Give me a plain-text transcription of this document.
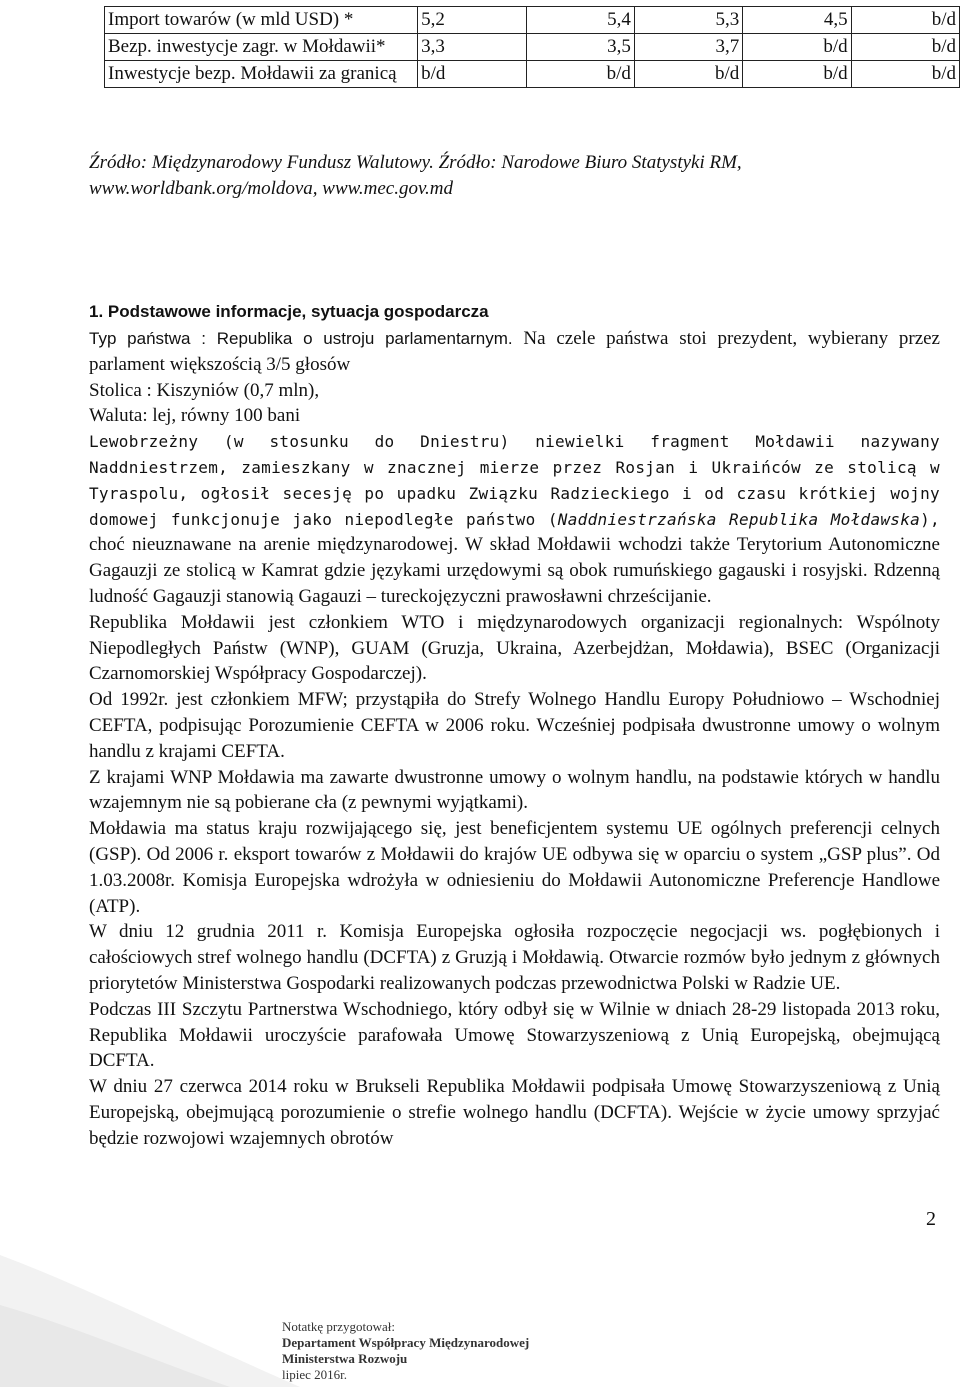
Import towarów (w mld USD) *	5,2	5,4	5,3	4,5	b/d
Bezp. inwestycje zagr. w Mołdawii*	3,3	3,5	3,7	b/d	b/d
Inwestycje bezp. Mołdawii za granicą	b/d	b/d	b/d	b/d	b/d
Źródło: Międzynarodowy Fundusz Walutowy. Źródło: Narodowe Biuro Statystyki RM, www.worldbank.org/moldova, www.mec.gov.md
1. Podstawowe informacje, sytuacja gospodarcza

Typ państwa : Republika o ustroju parlamentarnym. Na czele państwa stoi prezydent, wybierany przez parlament większością 3/5 głosów

Stolica : Kiszyniów (0,7 mln),

Waluta: lej, równy 100 bani

Lewobrzeżny (w stosunku do Dniestru) niewielki fragment Mołdawii nazywany Naddniestrzem, zamieszkany w znacznej mierze przez Rosjan i Ukraińców ze stolicą w Tyraspolu, ogłosił secesję po upadku Związku Radzieckiego i od czasu krótkiej wojny domowej funkcjonuje jako niepodległe państwo (Naddniestrzańska Republika Mołdawska), choć nieuznawane na arenie międzynarodowej. W skład Mołdawii wchodzi także Terytorium Autonomiczne Gagauzji ze stolicą w Kamrat gdzie językami urzędowymi są obok rumuńskiego gagauski i rosyjski. Rdzenną ludność Gagauzji stanowią Gagauzi – tureckojęzyczni prawosławni chrześcijanie.

Republika Mołdawii jest członkiem WTO i międzynarodowych organizacji regionalnych: Wspólnoty Niepodległych Państw (WNP), GUAM (Gruzja, Ukraina, Azerbejdżan, Mołdawia), BSEC (Organizacji Czarnomorskiej Współpracy Gospodarczej).

Od 1992r. jest członkiem MFW; przystąpiła do Strefy Wolnego Handlu Europy Południowo – Wschodniej CEFTA, podpisując Porozumienie CEFTA w 2006 roku. Wcześniej podpisała dwustronne umowy o wolnym handlu z krajami CEFTA.

Z krajami WNP Mołdawia ma zawarte dwustronne umowy o wolnym handlu, na podstawie których w handlu wzajemnym nie są pobierane cła (z pewnymi wyjątkami).

Mołdawia ma status kraju rozwijającego się, jest beneficjentem systemu UE ogólnych preferencji celnych (GSP). Od 2006 r. eksport towarów z Mołdawii do krajów UE odbywa się w oparciu o system „GSP plus”. Od 1.03.2008r. Komisja Europejska wdrożyła w odniesieniu do Mołdawii Autonomiczne Preferencje Handlowe (ATP).

W dniu 12 grudnia 2011 r. Komisja Europejska ogłosiła rozpoczęcie negocjacji ws. pogłębionych i całościowych stref wolnego handlu (DCFTA) z Gruzją i Mołdawią. Otwarcie rozmów było jednym z głównych priorytetów Ministerstwa Gospodarki realizowanych podczas przewodnictwa Polski w Radzie UE.

Podczas III Szczytu Partnerstwa Wschodniego, który odbył się w Wilnie w dniach 28-29 listopada 2013 roku, Republika Mołdawii uroczyście parafowała Umowę Stowarzyszeniową z Unią Europejską, obejmującą DCFTA.

W dniu 27 czerwca 2014 roku w Brukseli Republika Mołdawii podpisała Umowę Stowarzyszeniową z Unią Europejską, obejmującą porozumienie o strefie wolnego handlu (DCFTA). Wejście w życie umowy sprzyjać będzie rozwojowi wzajemnych obrotów

2
Notatkę przygotował:
Departament Współpracy Międzynarodowej
Ministerstwa Rozwoju
lipiec 2016r.
